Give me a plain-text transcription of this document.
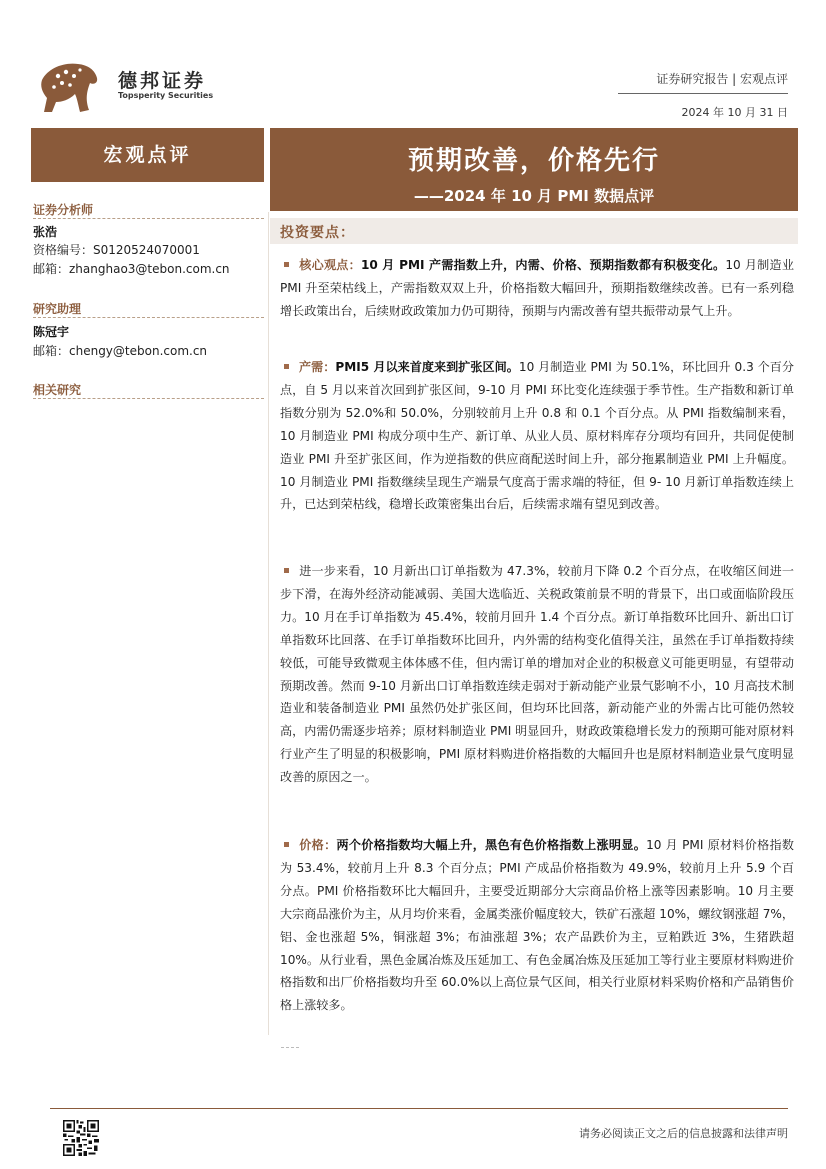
德邦证券
Topsperity Securities
证券研究报告 | 宏观点评
2024 年 10 月 31 日
宏观点评	预期改善，价格先行
——2024 年 10 月 PMI 数据点评
证券分析师
张浩
资格编号：S0120524070001
邮箱：zhanghao3@tebon.com.cn
研究助理
陈冠宇
邮箱：chengy@tebon.com.cn
相关研究
投资要点：
核心观点：10 月 PMI 产需指数上升，内需、价格、预期指数都有积极变化。10 月制造业 PMI 升至荣枯线上，产需指数双双上升，价格指数大幅回升，预期指数继续改善。已有一系列稳增长政策出台，后续财政政策加力仍可期待，预期与内需改善有望共振带动景气上升。
产需：PMI5 月以来首度来到扩张区间。10 月制造业 PMI 为 50.1%，环比回升 0.3 个百分点，自 5 月以来首次回到扩张区间，9-10 月 PMI 环比变化连续强于季节性。生产指数和新订单指数分别为 52.0%和 50.0%，分别较前月上升 0.8 和 0.1 个百分点。从 PMI 指数编制来看，10 月制造业 PMI 构成分项中生产、新订单、从业人员、原材料库存分项均有回升，共同促使制造业 PMI 升至扩张区间，作为逆指数的供应商配送时间上升，部分拖累制造业 PMI 上升幅度。10 月制造业 PMI 指数继续呈现生产端景气度高于需求端的特征，但 9- 10 月新订单指数连续上升，已达到荣枯线，稳增长政策密集出台后，后续需求端有望见到改善。
进一步来看，10 月新出口订单指数为 47.3%，较前月下降 0.2 个百分点，在收缩区间进一步下滑，在海外经济动能减弱、美国大选临近、关税政策前景不明的背景下，出口或面临阶段压力。10 月在手订单指数为 45.4%，较前月回升 1.4 个百分点。新订单指数环比回升、新出口订单指数环比回落、在手订单指数环比回升，内外需的结构变化值得关注，虽然在手订单指数持续较低，可能导致微观主体体感不佳，但内需订单的增加对企业的积极意义可能更明显，有望带动预期改善。然而 9-10 月新出口订单指数连续走弱对于新动能产业景气影响不小，10 月高技术制造业和装备制造业 PMI 虽然仍处扩张区间，但均环比回落，新动能产业的外需占比可能仍然较高，内需仍需逐步培养；原材料制造业 PMI 明显回升，财政政策稳增长发力的预期可能对原材料行业产生了明显的积极影响，PMI 原材料购进价格指数的大幅回升也是原材料制造业景气度明显改善的原因之一。
价格：两个价格指数均大幅上升，黑色有色价格指数上涨明显。10 月 PMI 原材料价格指数为 53.4%，较前月上升 8.3 个百分点；PMI 产成品价格指数为 49.9%，较前月上升 5.9 个百分点。PMI 价格指数环比大幅回升，主要受近期部分大宗商品价格上涨等因素影响。10 月主要大宗商品涨价为主，从月均价来看，金属类涨价幅度较大，铁矿石涨超 10%，螺纹钢涨超 7%，铝、金也涨超 5%，铜涨超 3%；布油涨超 3%；农产品跌价为主，豆粕跌近 3%，生猪跌超 10%。从行业看，黑色金属冶炼及压延加工、有色金属冶炼及压延加工等行业主要原材料购进价格指数和出厂价格指数均升至 60.0%以上高位景气区间，相关行业原材料采购价格和产品销售价格上涨较多。
请务必阅读正文之后的信息披露和法律声明
